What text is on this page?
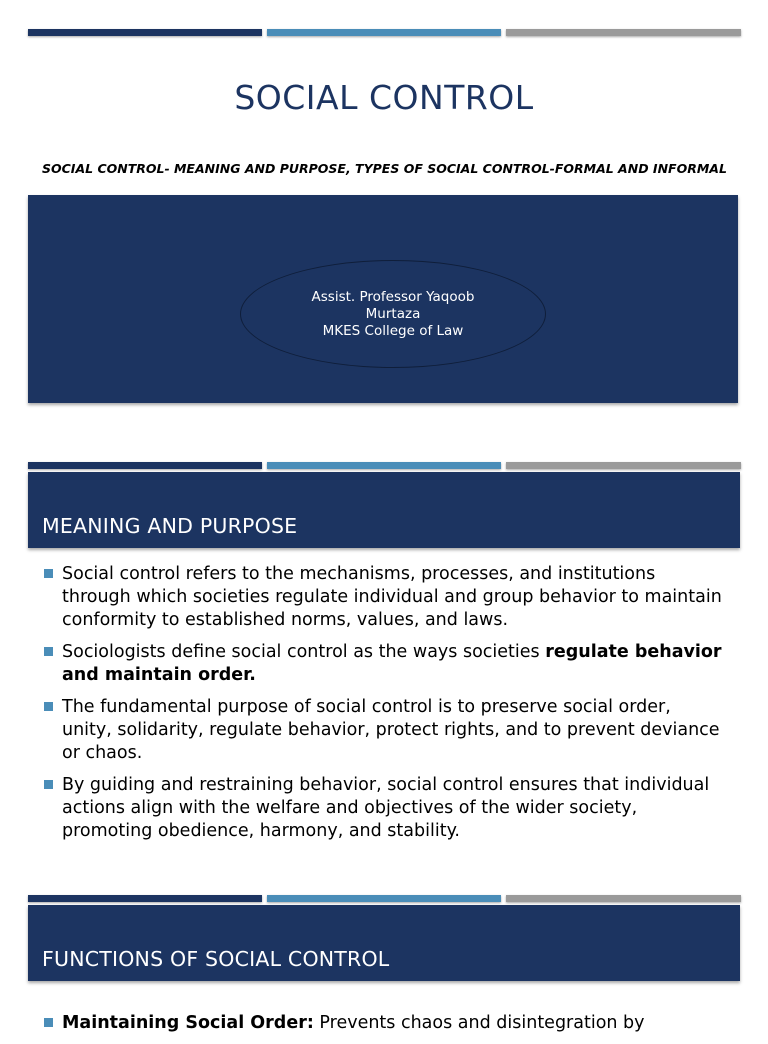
SOCIAL CONTROL
SOCIAL CONTROL- MEANING AND PURPOSE, TYPES OF SOCIAL CONTROL-FORMAL AND INFORMAL
Assist. Professor Yaqoob
Murtaza
MKES College of Law
MEANING AND PURPOSE
Social control refers to the mechanisms, processes, and institutions through which societies regulate individual and group behavior to maintain conformity to established norms, values, and laws.
Sociologists define social control as the ways societies regulate behavior and maintain order.
The fundamental purpose of social control is to preserve social order, unity, solidarity, regulate behavior, protect rights, and to prevent deviance or chaos.
By guiding and restraining behavior, social control ensures that individual actions align with the welfare and objectives of the wider society, promoting obedience, harmony, and stability.
FUNCTIONS OF SOCIAL CONTROL
Maintaining Social Order: Prevents chaos and disintegration by
